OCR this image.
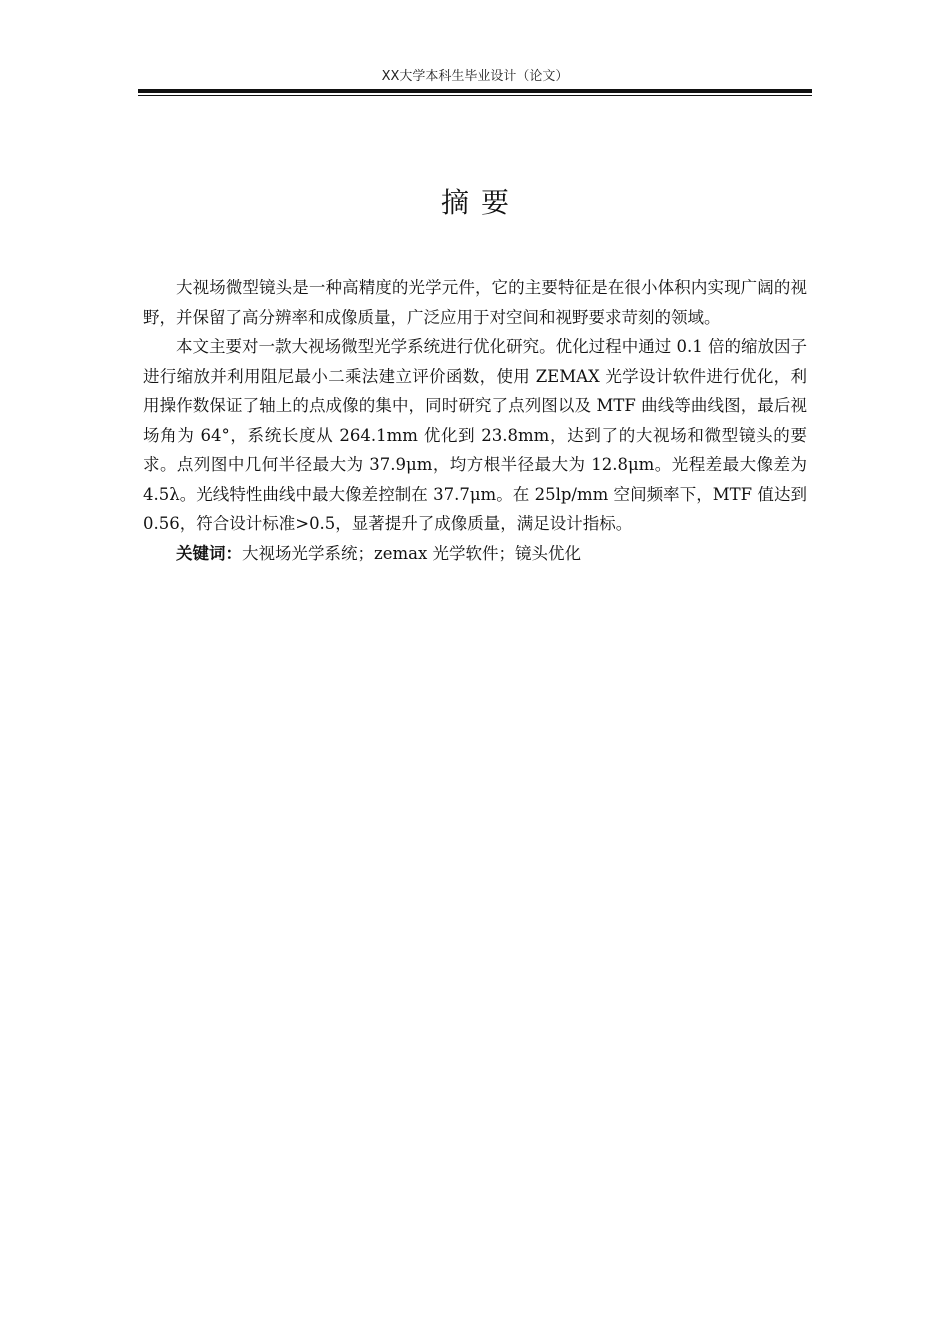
XX大学本科生毕业设计（论文）
摘要

大视场微型镜头是一种高精度的光学元件，它的主要特征是在很小体积内实现广阔的视野，并保留了高分辨率和成像质量，广泛应用于对空间和视野要求苛刻的领域。

本文主要对一款大视场微型光学系统进行优化研究。优化过程中通过 0.1 倍的缩放因子进行缩放并利用阻尼最小二乘法建立评价函数，使用 ZEMAX 光学设计软件进行优化，利用操作数保证了轴上的点成像的集中，同时研究了点列图以及 MTF 曲线等曲线图，最后视场角为 64°，系统长度从 264.1mm 优化到 23.8mm，达到了的大视场和微型镜头的要求。点列图中几何半径最大为 37.9μm，均方根半径最大为 12.8μm。光程差最大像差为 4.5λ。光线特性曲线中最大像差控制在 37.7μm。在 25lp/mm 空间频率下，MTF 值达到 0.56，符合设计标准>0.5，显著提升了成像质量，满足设计指标。

关键词：大视场光学系统；zemax 光学软件；镜头优化
